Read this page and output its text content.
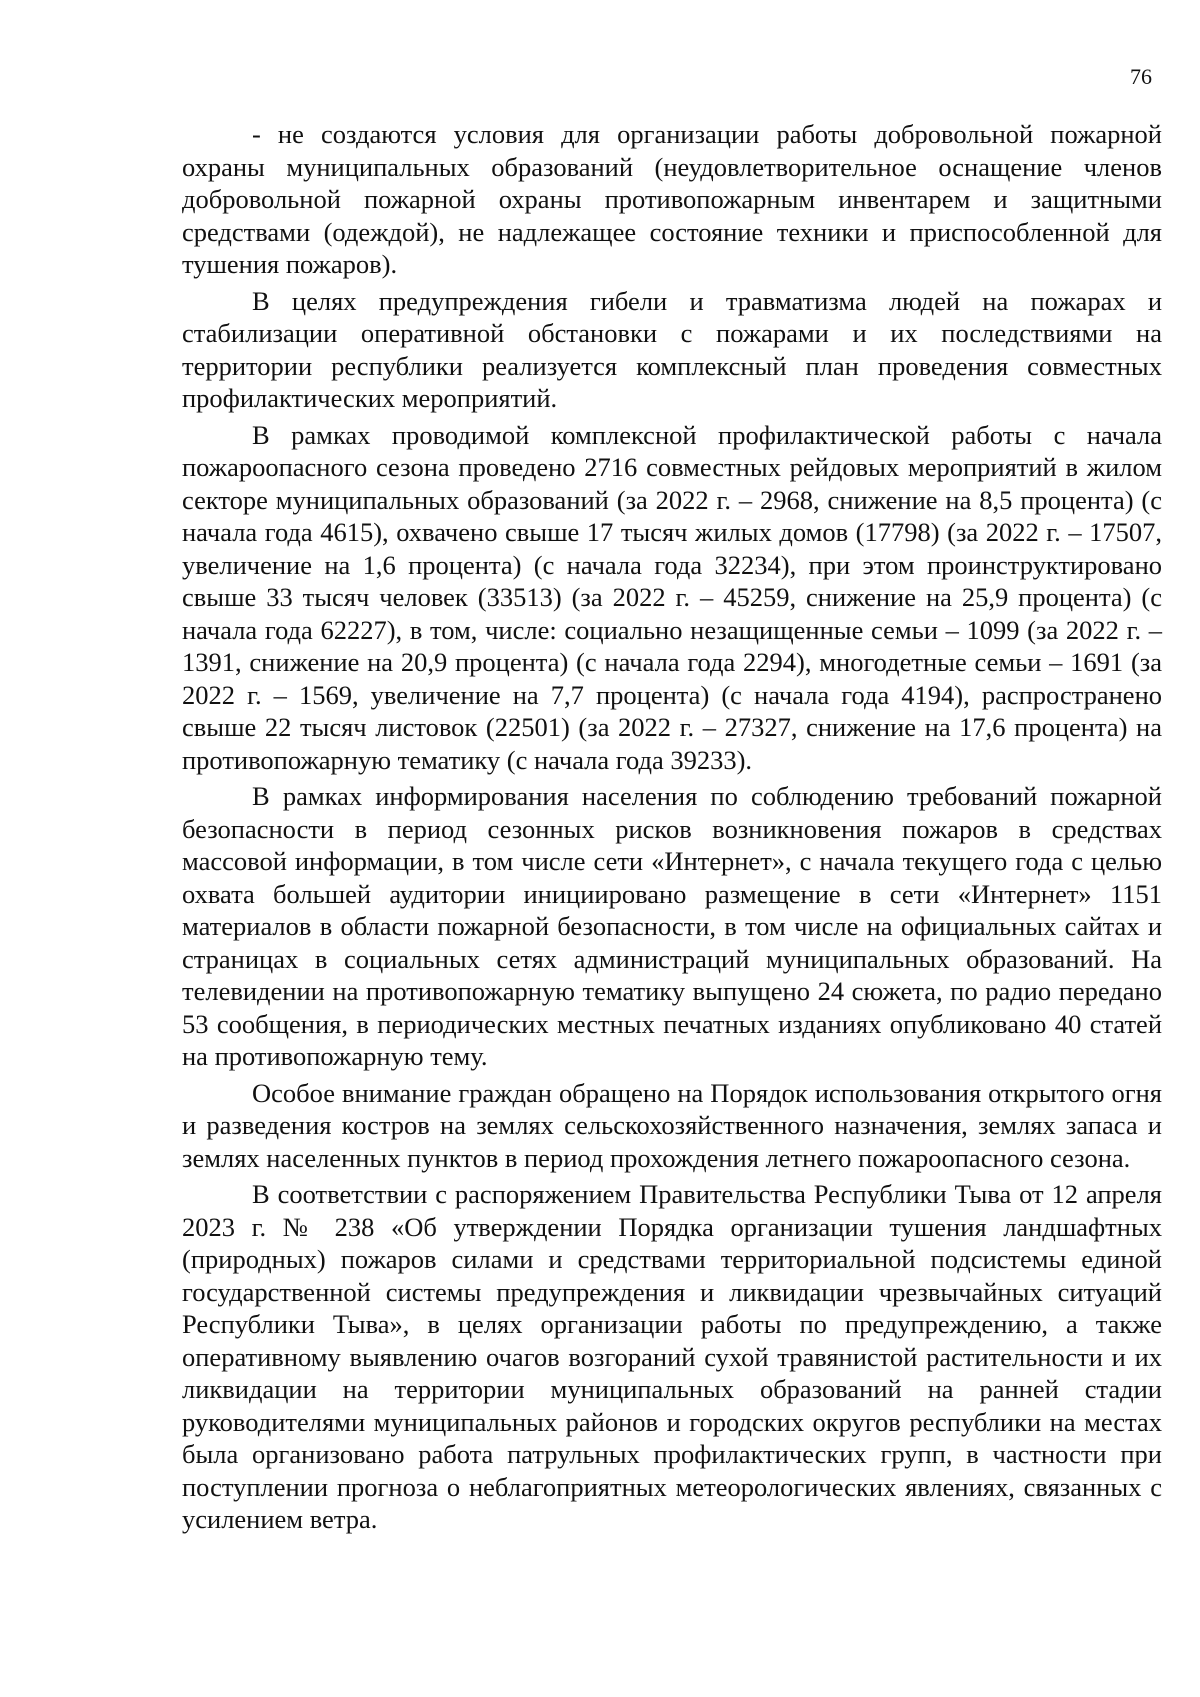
76

- не создаются условия для организации работы добровольной пожарной охраны муниципальных образований (неудовлетворительное оснащение членов добровольной пожарной охраны противопожарным инвентарем и защитными средствами (одеждой), не надлежащее состояние техники и приспособленной для тушения пожаров).

В целях предупреждения гибели и травматизма людей на пожарах и стабилизации оперативной обстановки с пожарами и их последствиями на территории республики реализуется комплексный план проведения совместных профилактических мероприятий.

В рамках проводимой комплексной профилактической работы с начала пожароопасного сезона проведено 2716 совместных рейдовых мероприятий в жилом секторе муниципальных образований (за 2022 г. – 2968, снижение на 8,5 процента) (с начала года 4615), охвачено свыше 17 тысяч жилых домов (17798) (за 2022 г. – 17507, увеличение на 1,6 процента) (с начала года 32234), при этом проинструктировано свыше 33 тысяч человек (33513) (за 2022 г. – 45259, снижение на 25,9 процента) (с начала года 62227), в том, числе: социально незащищенные семьи – 1099 (за 2022 г. – 1391, снижение на 20,9 процента) (с начала года 2294), многодетные семьи – 1691 (за 2022 г. – 1569, увеличение на 7,7 процента) (с начала года 4194), распространено свыше 22 тысяч листовок (22501) (за 2022 г. – 27327, снижение на 17,6 процента) на противопожарную тематику (с начала года 39233).

В рамках информирования населения по соблюдению требований пожарной безопасности в период сезонных рисков возникновения пожаров в средствах массовой информации, в том числе сети «Интернет», с начала текущего года с целью охвата большей аудитории инициировано размещение в сети «Интернет» 1151 материалов в области пожарной безопасности, в том числе на официальных сайтах и страницах в социальных сетях администраций муниципальных образований. На телевидении на противопожарную тематику выпущено 24 сюжета, по радио передано 53 сообщения, в периодических местных печатных изданиях опубликовано 40 статей на противопожарную тему.

Особое внимание граждан обращено на Порядок использования открытого огня и разведения костров на землях сельскохозяйственного назначения, землях запаса и землях населенных пунктов в период прохождения летнего пожароопасного сезона.

В соответствии с распоряжением Правительства Республики Тыва от 12 апреля 2023 г. № 238 «Об утверждении Порядка организации тушения ландшафтных (природных) пожаров силами и средствами территориальной подсистемы единой государственной системы предупреждения и ликвидации чрезвычайных ситуаций Республики Тыва», в целях организации работы по предупреждению, а также оперативному выявлению очагов возгораний сухой травянистой растительности и их ликвидации на территории муниципальных образований на ранней стадии руководителями муниципальных районов и городских округов республики на местах была организовано работа патрульных профилактических групп, в частности при поступлении прогноза о неблагоприятных метеорологических явлениях, связанных с усилением ветра.
